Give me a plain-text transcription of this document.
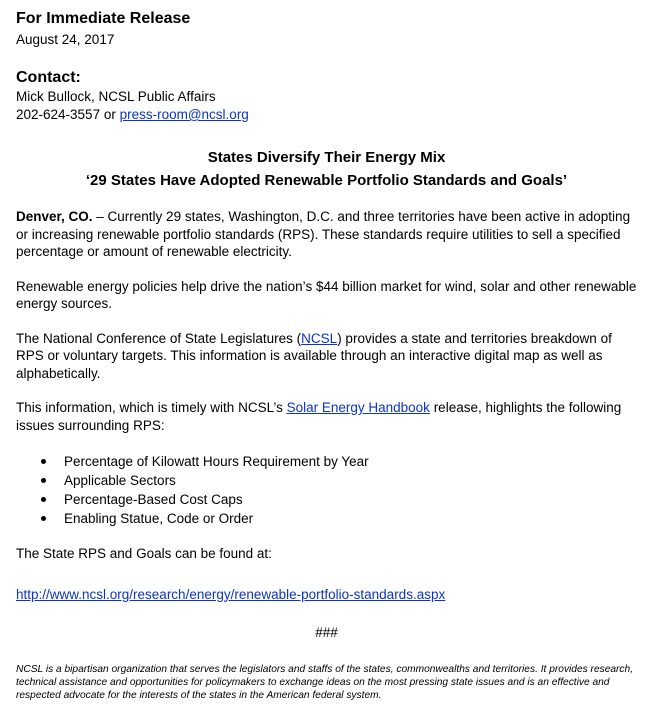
For Immediate Release
August 24, 2017
Contact:
Mick Bullock, NCSL Public Affairs
202-624-3557 or press-room@ncsl.org
States Diversify Their Energy Mix
‘29 States Have Adopted Renewable Portfolio Standards and Goals’

Denver, CO. – Currently 29 states, Washington, D.C. and three territories have been active in adopting or increasing renewable portfolio standards (RPS). These standards require utilities to sell a specified percentage or amount of renewable electricity.

Renewable energy policies help drive the nation’s $44 billion market for wind, solar and other renewable energy sources.

The National Conference of State Legislatures (NCSL) provides a state and territories breakdown of RPS or voluntary targets. This information is available through an interactive digital map as well as alphabetically.

This information, which is timely with NCSL’s Solar Energy Handbook release, highlights the following issues surrounding RPS:

Percentage of Kilowatt Hours Requirement by Year
Applicable Sectors
Percentage-Based Cost Caps
Enabling Statue, Code or Order

The State RPS and Goals can be found at:

http://www.ncsl.org/research/energy/renewable-portfolio-standards.aspx
###
NCSL is a bipartisan organization that serves the legislators and staffs of the states, commonwealths and territories. It provides research, technical assistance and opportunities for policymakers to exchange ideas on the most pressing state issues and is an effective and respected advocate for the interests of the states in the American federal system.
